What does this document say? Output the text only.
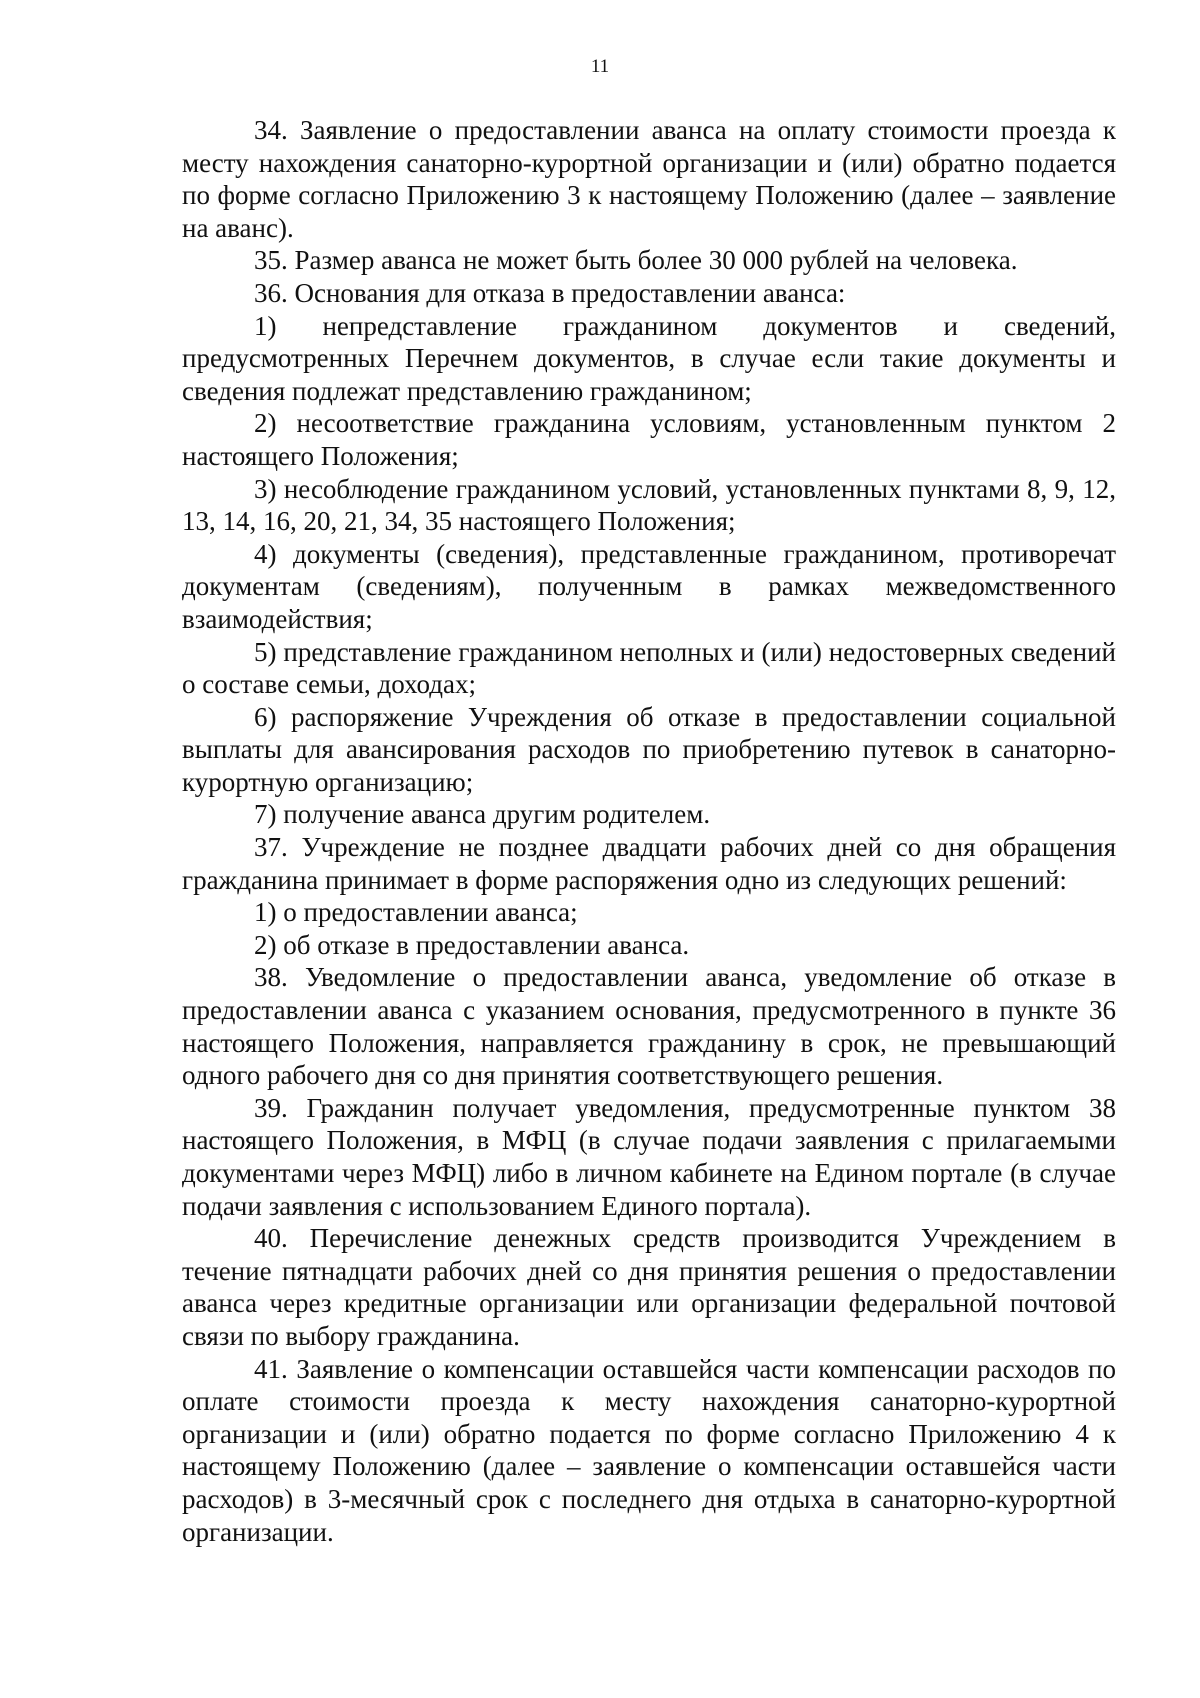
11

34. Заявление о предоставлении аванса на оплату стоимости проезда к месту нахождения санаторно-курортной организации и (или) обратно подается по форме согласно Приложению 3 к настоящему Положению (далее – заявление на аванс).

35. Размер аванса не может быть более 30 000 рублей на человека.

36. Основания для отказа в предоставлении аванса:

1) непредставление гражданином документов и сведений, предусмотренных Перечнем документов, в случае если такие документы и сведения подлежат представлению гражданином;

2) несоответствие гражданина условиям, установленным пунктом 2 настоящего Положения;

3) несоблюдение гражданином условий, установленных пунктами 8, 9, 12, 13, 14, 16, 20, 21, 34, 35 настоящего Положения;

4) документы (сведения), представленные гражданином, противоречат документам (сведениям), полученным в рамках межведомственного взаимодействия;

5) представление гражданином неполных и (или) недостоверных сведений о составе семьи, доходах;

6) распоряжение Учреждения об отказе в предоставлении социальной выплаты для авансирования расходов по приобретению путевок в санаторно-курортную организацию;

7) получение аванса другим родителем.

37. Учреждение не позднее двадцати рабочих дней со дня обращения гражданина принимает в форме распоряжения одно из следующих решений:

1) о предоставлении аванса;

2) об отказе в предоставлении аванса.

38. Уведомление о предоставлении аванса, уведомление об отказе в предоставлении аванса с указанием основания, предусмотренного в пункте 36 настоящего Положения, направляется гражданину в срок, не превышающий одного рабочего дня со дня принятия соответствующего решения.

39. Гражданин получает уведомления, предусмотренные пунктом 38 настоящего Положения, в МФЦ (в случае подачи заявления с прилагаемыми документами через МФЦ) либо в личном кабинете на Едином портале (в случае подачи заявления с использованием Единого портала).

40. Перечисление денежных средств производится Учреждением в течение пятнадцати рабочих дней со дня принятия решения о предоставлении аванса через кредитные организации или организации федеральной почтовой связи по выбору гражданина.

41. Заявление о компенсации оставшейся части компенсации расходов по оплате стоимости проезда к месту нахождения санаторно-курортной организации и (или) обратно подается по форме согласно Приложению 4 к настоящему Положению (далее – заявление о компенсации оставшейся части расходов) в 3-месячный срок с последнего дня отдыха в санаторно-курортной организации.
